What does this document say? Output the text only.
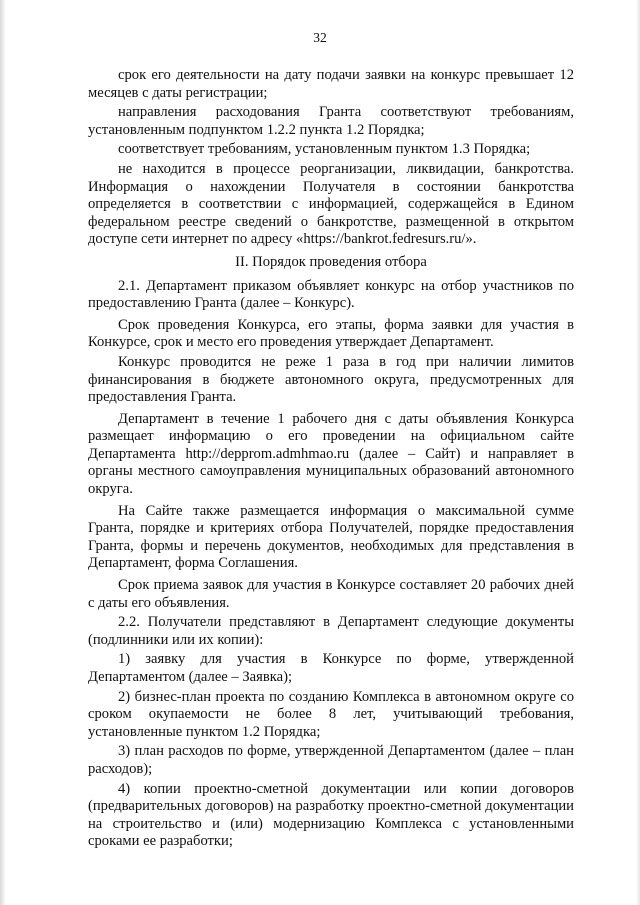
32

срок его деятельности на дату подачи заявки на конкурс превышает 12 месяцев с даты регистрации;

направления расходования Гранта соответствуют требованиям, установленным подпунктом 1.2.2 пункта 1.2 Порядка;

соответствует требованиям, установленным пунктом 1.3 Порядка;

не находится в процессе реорганизации, ликвидации, банкротства. Информация о нахождении Получателя в состоянии банкротства определяется в соответствии с информацией, содержащейся в Едином федеральном реестре сведений о банкротстве, размещенной в открытом доступе сети интернет по адресу «https://bankrot.fedresurs.ru/».

II. Порядок проведения отбора

2.1. Департамент приказом объявляет конкурс на отбор участников по предоставлению Гранта (далее – Конкурс).

Срок проведения Конкурса, его этапы, форма заявки для участия в Конкурсе, срок и место его проведения утверждает Департамент.

Конкурс проводится не реже 1 раза в год при наличии лимитов финансирования в бюджете автономного округа, предусмотренных для предоставления Гранта.

Департамент в течение 1 рабочего дня с даты объявления Конкурса размещает информацию о его проведении на официальном сайте Департамента http://depprom.admhmao.ru (далее – Сайт) и направляет в органы местного самоуправления муниципальных образований автономного округа.

На Сайте также размещается информация о максимальной сумме Гранта, порядке и критериях отбора Получателей, порядке предоставления Гранта, формы и перечень документов, необходимых для представления в Департамент, форма Соглашения.

Срок приема заявок для участия в Конкурсе составляет 20 рабочих дней с даты его объявления.

2.2. Получатели представляют в Департамент следующие документы (подлинники или их копии):

1) заявку для участия в Конкурсе по форме, утвержденной Департаментом (далее – Заявка);

2) бизнес-план проекта по созданию Комплекса в автономном округе со сроком окупаемости не более 8 лет, учитывающий требования, установленные пунктом 1.2 Порядка;

3) план расходов по форме, утвержденной Департаментом (далее – план расходов);

4) копии проектно-сметной документации или копии договоров (предварительных договоров) на разработку проектно-сметной документации на строительство и (или) модернизацию Комплекса с установленными сроками ее разработки;
